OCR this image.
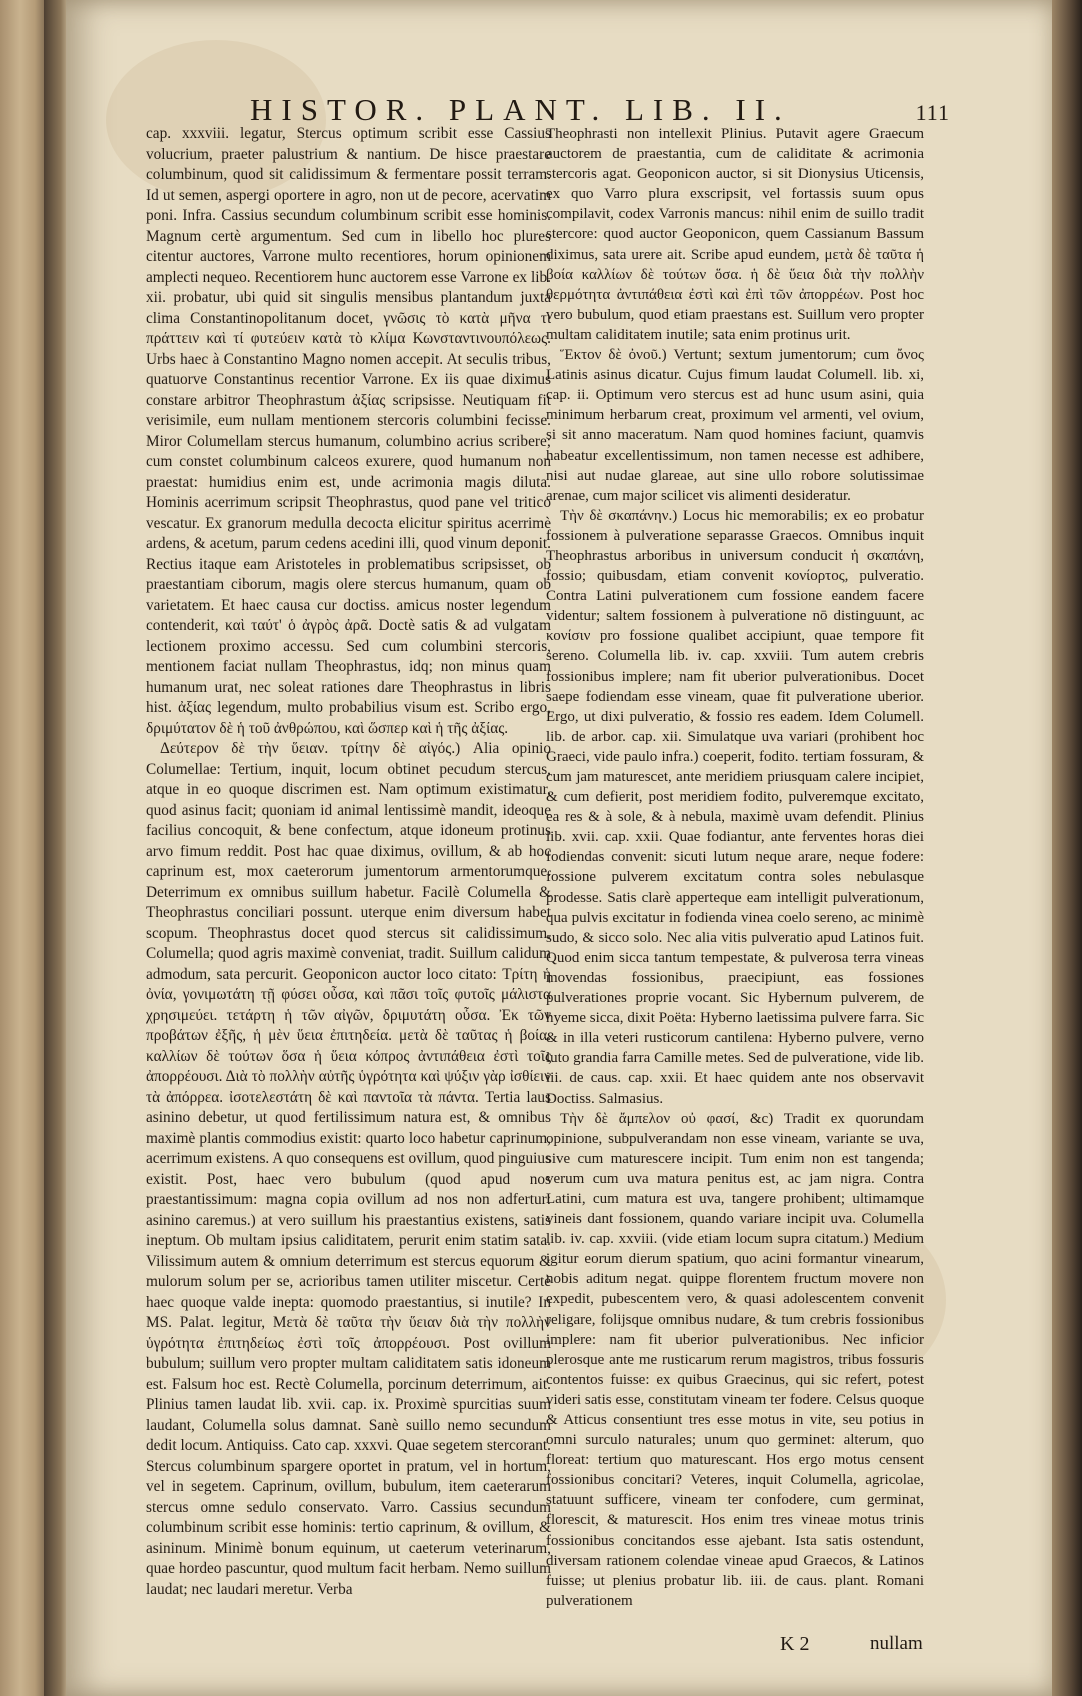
HISTOR. PLANT. LIB. II.	111

cap. xxxviii. legatur, Stercus optimum scribit esse Cassius volucrium, praeter palustrium & nantium. De hisce praestare columbinum, quod sit calidissimum & fermentare possit terram. Id ut semen, aspergi oportere in agro, non ut de pecore, acervatim poni. Infra. Cassius secundum columbinum scribit esse hominis. Magnum certè argumentum. Sed cum in libello hoc plures citentur auctores, Varrone multo recentiores, horum opinionem amplecti nequeo. Recentiorem hunc auctorem esse Varrone ex lib. xii. probatur, ubi quid sit singulis mensibus plantandum juxta clima Constantinopolitanum docet, γνῶσις τὸ κατὰ μῆνα τι πράττειν καὶ τί φυτεύειν κατὰ τὸ κλίμα Κωνσταντινουπόλεως. Urbs haec à Constantino Magno nomen accepit. At seculis tribus, quatuorve Constantinus recentior Varrone. Ex iis quae diximus constare arbitror Theophrastum ἀξίας scripsisse. Neutiquam fit verisimile, eum nullam mentionem stercoris columbini fecisse. Miror Columellam stercus humanum, columbino acrius scribere; cum constet columbinum calceos exurere, quod humanum non praestat: humidius enim est, unde acrimonia magis diluta. Hominis acerrimum scripsit Theophrastus, quod pane vel tritico vescatur. Ex granorum medulla decocta elicitur spiritus acerrimè ardens, & acetum, parum cedens acedini illi, quod vinum deponit. Rectius itaque eam Aristoteles in problematibus scripsisset, ob praestantiam ciborum, magis olere stercus humanum, quam ob varietatem. Et haec causa cur doctiss. amicus noster legendum contenderit, καὶ ταύτ' ὁ ἀγρὸς ἀρᾶ. Doctè satis & ad vulgatam lectionem proximo accessu. Sed cum columbini stercoris, mentionem faciat nullam Theophrastus, idq; non minus quam humanum urat, nec soleat rationes dare Theophrastus in libris hist. ἀξίας legendum, multo probabilius visum est. Scribo ergo, δριμύτατον δὲ ἡ τοῦ ἀνθρώπου, καὶ ὥσπερ καὶ ἡ τῆς ἀξίας.

Δεύτερον δὲ τὴν ὕειαν. τρίτην δὲ αἰγός.) Alia opinio Columellae: Tertium, inquit, locum obtinet pecudum stercus, atque in eo quoque discrimen est. Nam optimum existimatur, quod asinus facit; quoniam id animal lentissimè mandit, ideoque facilius concoquit, & bene confectum, atque idoneum protinus arvo fimum reddit. Post hac quae diximus, ovillum, & ab hoc caprinum est, mox caeterorum jumentorum armentorumque. Deterrimum ex omnibus suillum habetur. Facilè Columella & Theophrastus conciliari possunt. uterque enim diversum habet scopum. Theophrastus docet quod stercus sit calidissimum. Columella; quod agris maximè conveniat, tradit. Suillum calidum admodum, sata percurit. Geoponicon auctor loco citato: Τρίτη ἡ ὀνία, γονιμωτάτη τῇ φύσει οὖσα, καὶ πᾶσι τοῖς φυτοῖς μάλιστα χρησιμεύει. τετάρτη ἡ τῶν αἰγῶν, δριμυτάτη οὖσα. Ἐκ τῶν προβάτων ἐξῆς, ἡ μὲν ὕεια ἐπιτηδεία. μετὰ δὲ ταῦτας ἡ βοία. καλλίων δὲ τούτων ὅσα ἡ ὕεια κόπρος ἀντιπάθεια ἐστὶ τοῖς ἀπορρέουσι. Διὰ τὸ πολλὴν αὐτῆς ὑγρότητα καὶ ψύξιν γὰρ ἰσθίειν τὰ ἀπόρρεα. ἰσοτελεστάτη δὲ καὶ παντοῖα τὰ πάντα. Tertia laus asinino debetur, ut quod fertilissimum natura est, & omnibus maximè plantis commodius existit: quarto loco habetur caprinum, acerrimum existens. A quo consequens est ovillum, quod pinguius existit. Post, haec vero bubulum (quod apud nos praestantissimum: magna copia ovillum ad nos non adfertur: asinino caremus.) at vero suillum his praestantius existens, satis ineptum. Ob multam ipsius caliditatem, perurit enim statim sata. Vilissimum autem & omnium deterrimum est stercus equorum & mulorum solum per se, acrioribus tamen utiliter miscetur. Certè haec quoque valde inepta: quomodo praestantius, si inutile? In MS. Palat. legitur, Μετὰ δὲ ταῦτα τὴν ὕειαν διὰ τὴν πολλὴν ὑγρότητα ἐπιτηδείως ἐστὶ τοῖς ἀπορρέουσι. Post ovillum bubulum; suillum vero propter multam caliditatem satis idoneum est. Falsum hoc est. Rectè Columella, porcinum deterrimum, ait. Plinius tamen laudat lib. xvii. cap. ix. Proximè spurcitias suum laudant, Columella solus damnat. Sanè suillo nemo secundum dedit locum. Antiquiss. Cato cap. xxxvi. Quae segetem stercorant. Stercus columbinum spargere oportet in pratum, vel in hortum, vel in segetem. Caprinum, ovillum, bubulum, item caeterarum stercus omne sedulo conservato. Varro. Cassius secundum columbinum scribit esse hominis: tertio caprinum, & ovillum, & asininum. Minimè bonum equinum, ut caeterum veterinarum, quae hordeo pascuntur, quod multum facit herbam. Nemo suillum laudat; nec laudari meretur. Verba

Theophrasti non intellexit Plinius. Putavit agere Graecum auctorem de praestantia, cum de caliditate & acrimonia stercoris agat. Geoponicon auctor, si sit Dionysius Uticensis, ex quo Varro plura exscripsit, vel fortassis suum opus compilavit, codex Varronis mancus: nihil enim de suillo tradit stercore: quod auctor Geoponicon, quem Cassianum Bassum diximus, sata urere ait. Scribe apud eundem, μετὰ δὲ ταῦτα ἡ βοία καλλίων δὲ τούτων ὅσα. ἡ δὲ ὕεια διὰ τὴν πολλὴν θερμότητα ἀντιπάθεια ἐστὶ καὶ ἐπὶ τῶν ἀπορρέων. Post hoc vero bubulum, quod etiam praestans est. Suillum vero propter multam caliditatem inutile; sata enim protinus urit.

Ἕκτον δὲ ὀνοῦ.) Vertunt; sextum jumentorum; cum ὄνος Latinis asinus dicatur. Cujus fimum laudat Columell. lib. xi, cap. ii. Optimum vero stercus est ad hunc usum asini, quia minimum herbarum creat, proximum vel armenti, vel ovium, si sit anno maceratum. Nam quod homines faciunt, quamvis habeatur excellentissimum, non tamen necesse est adhibere, nisi aut nudae glareae, aut sine ullo robore solutissimae arenae, cum major scilicet vis alimenti desideratur.

Τὴν δὲ σκαπάνην.) Locus hic memorabilis; ex eo probatur fossionem à pulveratione separasse Graecos. Omnibus inquit Theophrastus arboribus in universum conducit ἡ σκαπάνη, fossio; quibusdam, etiam convenit κονίορτος, pulveratio. Contra Latini pulverationem cum fossione eandem facere videntur; saltem fossionem à pulveratione nō distinguunt, ac κονίσιν pro fossione qualibet accipiunt, quae tempore fit sereno. Columella lib. iv. cap. xxviii. Tum autem crebris fossionibus implere; nam fit uberior pulverationibus. Docet saepe fodiendam esse vineam, quae fit pulveratione uberior. Ergo, ut dixi pulveratio, & fossio res eadem. Idem Columell. lib. de arbor. cap. xii. Simulatque uva variari (prohibent hoc Graeci, vide paulo infra.) coeperit, fodito. tertiam fossuram, & cum jam maturescet, ante meridiem priusquam calere incipiet, & cum defierit, post meridiem fodito, pulveremque excitato, ea res & à sole, & à nebula, maximè uvam defendit. Plinius lib. xvii. cap. xxii. Quae fodiantur, ante ferventes horas diei fodiendas convenit: sicuti lutum neque arare, neque fodere: fossione pulverem excitatum contra soles nebulasque prodesse. Satis clarè apperteque eam intelligit pulverationum, qua pulvis excitatur in fodienda vinea coelo sereno, ac minimè sudo, & sicco solo. Nec alia vitis pulveratio apud Latinos fuit. Quod enim sicca tantum tempestate, & pulverosa terra vineas movendas fossionibus, praecipiunt, eas fossiones pulverationes proprie vocant. Sic Hybernum pulverem, de hyeme sicca, dixit Poëta: Hyberno laetissima pulvere farra. Sic & in illa veteri rusticorum cantilena: Hyberno pulvere, verno luto grandia farra Camille metes. Sed de pulveratione, vide lib. iii. de caus. cap. xxii. Et haec quidem ante nos observavit Doctiss. Salmasius.

Τὴν δὲ ἄμπελον οὐ φασί, &c) Tradit ex quorundam opinione, subpulverandam non esse vineam, variante se uva, sive cum maturescere incipit. Tum enim non est tangenda; verum cum uva matura penitus est, ac jam nigra. Contra Latini, cum matura est uva, tangere prohibent; ultimamque vineis dant fossionem, quando variare incipit uva. Columella lib. iv. cap. xxviii. (vide etiam locum supra citatum.) Medium igitur eorum dierum spatium, quo acini formantur vinearum, nobis aditum negat. quippe florentem fructum movere non expedit, pubescentem vero, & quasi adolescentem convenit religare, folijsque omnibus nudare, & tum crebris fossionibus implere: nam fit uberior pulverationibus. Nec inficior plerosque ante me rusticarum rerum magistros, tribus fossuris contentos fuisse: ex quibus Graecinus, qui sic refert, potest videri satis esse, constitutam vineam ter fodere. Celsus quoque & Atticus consentiunt tres esse motus in vite, seu potius in omni surculo naturales; unum quo germinet: alterum, quo floreat: tertium quo maturescant. Hos ergo motus censent fossionibus concitari? Veteres, inquit Columella, agricolae, statuunt sufficere, vineam ter confodere, cum germinat, florescit, & maturescit. Hos enim tres vineae motus trinis fossionibus concitandos esse ajebant. Ista satis ostendunt, diversam rationem colendae vineae apud Graecos, & Latinos fuisse; ut plenius probatur lib. iii. de caus. plant. Romani pulverationem

K 2	nullam
